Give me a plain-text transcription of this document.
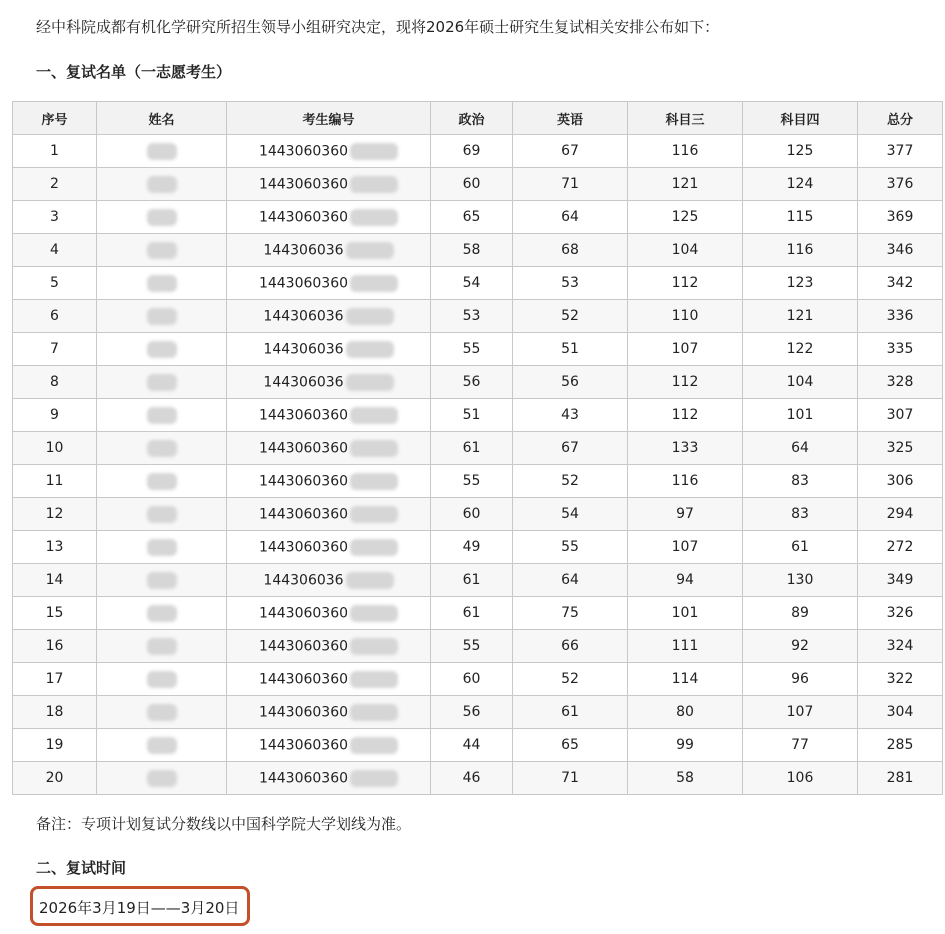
经中科院成都有机化学研究所招生领导小组研究决定，现将2026年硕士研究生复试相关安排公布如下：
一、复试名单（一志愿考生）
序号	姓名	考生编号	政治	英语	科目三	科目四	总分
1		1443060360	69	67	116	125	377
2		1443060360	60	71	121	124	376
3		1443060360	65	64	125	115	369
4		144306036	58	68	104	116	346
5		1443060360	54	53	112	123	342
6		144306036	53	52	110	121	336
7		144306036	55	51	107	122	335
8		144306036	56	56	112	104	328
9		1443060360	51	43	112	101	307
10		1443060360	61	67	133	64	325
11		1443060360	55	52	116	83	306
12		1443060360	60	54	97	83	294
13		1443060360	49	55	107	61	272
14		144306036	61	64	94	130	349
15		1443060360	61	75	101	89	326
16		1443060360	55	66	111	92	324
17		1443060360	60	52	114	96	322
18		1443060360	56	61	80	107	304
19		1443060360	44	65	99	77	285
20		1443060360	46	71	58	106	281
备注：专项计划复试分数线以中国科学院大学划线为准。
二、复试时间
2026年3月19日——3月20日
